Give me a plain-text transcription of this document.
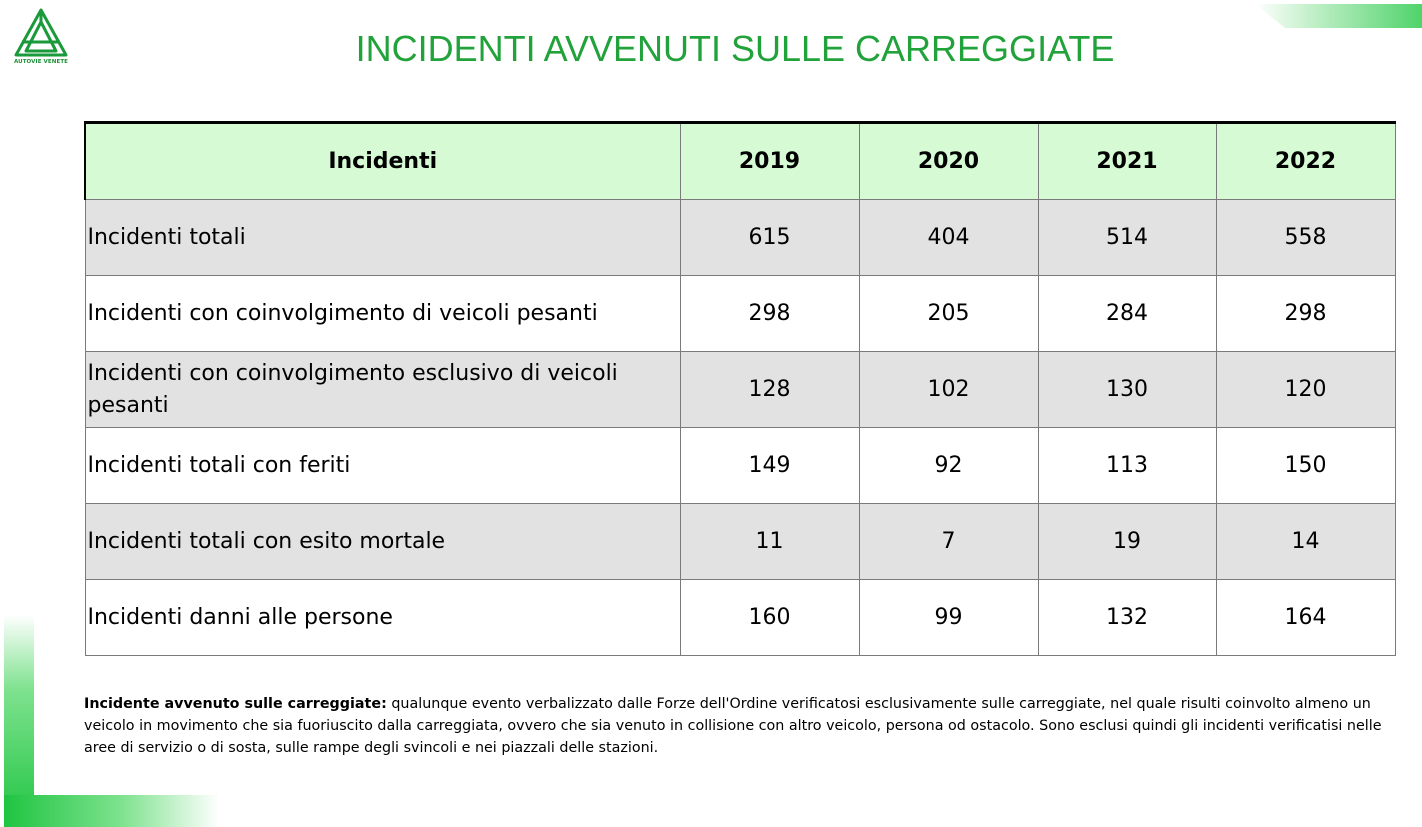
AUTOVIE VENETE	INCIDENTI AVVENUTI SULLE CARREGGIATE
Incidenti	2019	2020	2021	2022
Incidenti totali	615	404	514	558
Incidenti con coinvolgimento di veicoli pesanti	298	205	284	298
Incidenti con coinvolgimento esclusivo di veicoli pesanti	128	102	130	120
Incidenti totali con feriti	149	92	113	150
Incidenti totali con esito mortale	11	7	19	14
Incidenti danni alle persone	160	99	132	164
Incidente avvenuto sulle carreggiate: qualunque evento verbalizzato dalle Forze dell'Ordine verificatosi esclusivamente sulle carreggiate, nel quale risulti coinvolto almeno un veicolo in movimento che sia fuoriuscito dalla carreggiata, ovvero che sia venuto in collisione con altro veicolo, persona od ostacolo. Sono esclusi quindi gli incidenti verificatisi nelle aree di servizio o di sosta, sulle rampe degli svincoli e nei piazzali delle stazioni.
